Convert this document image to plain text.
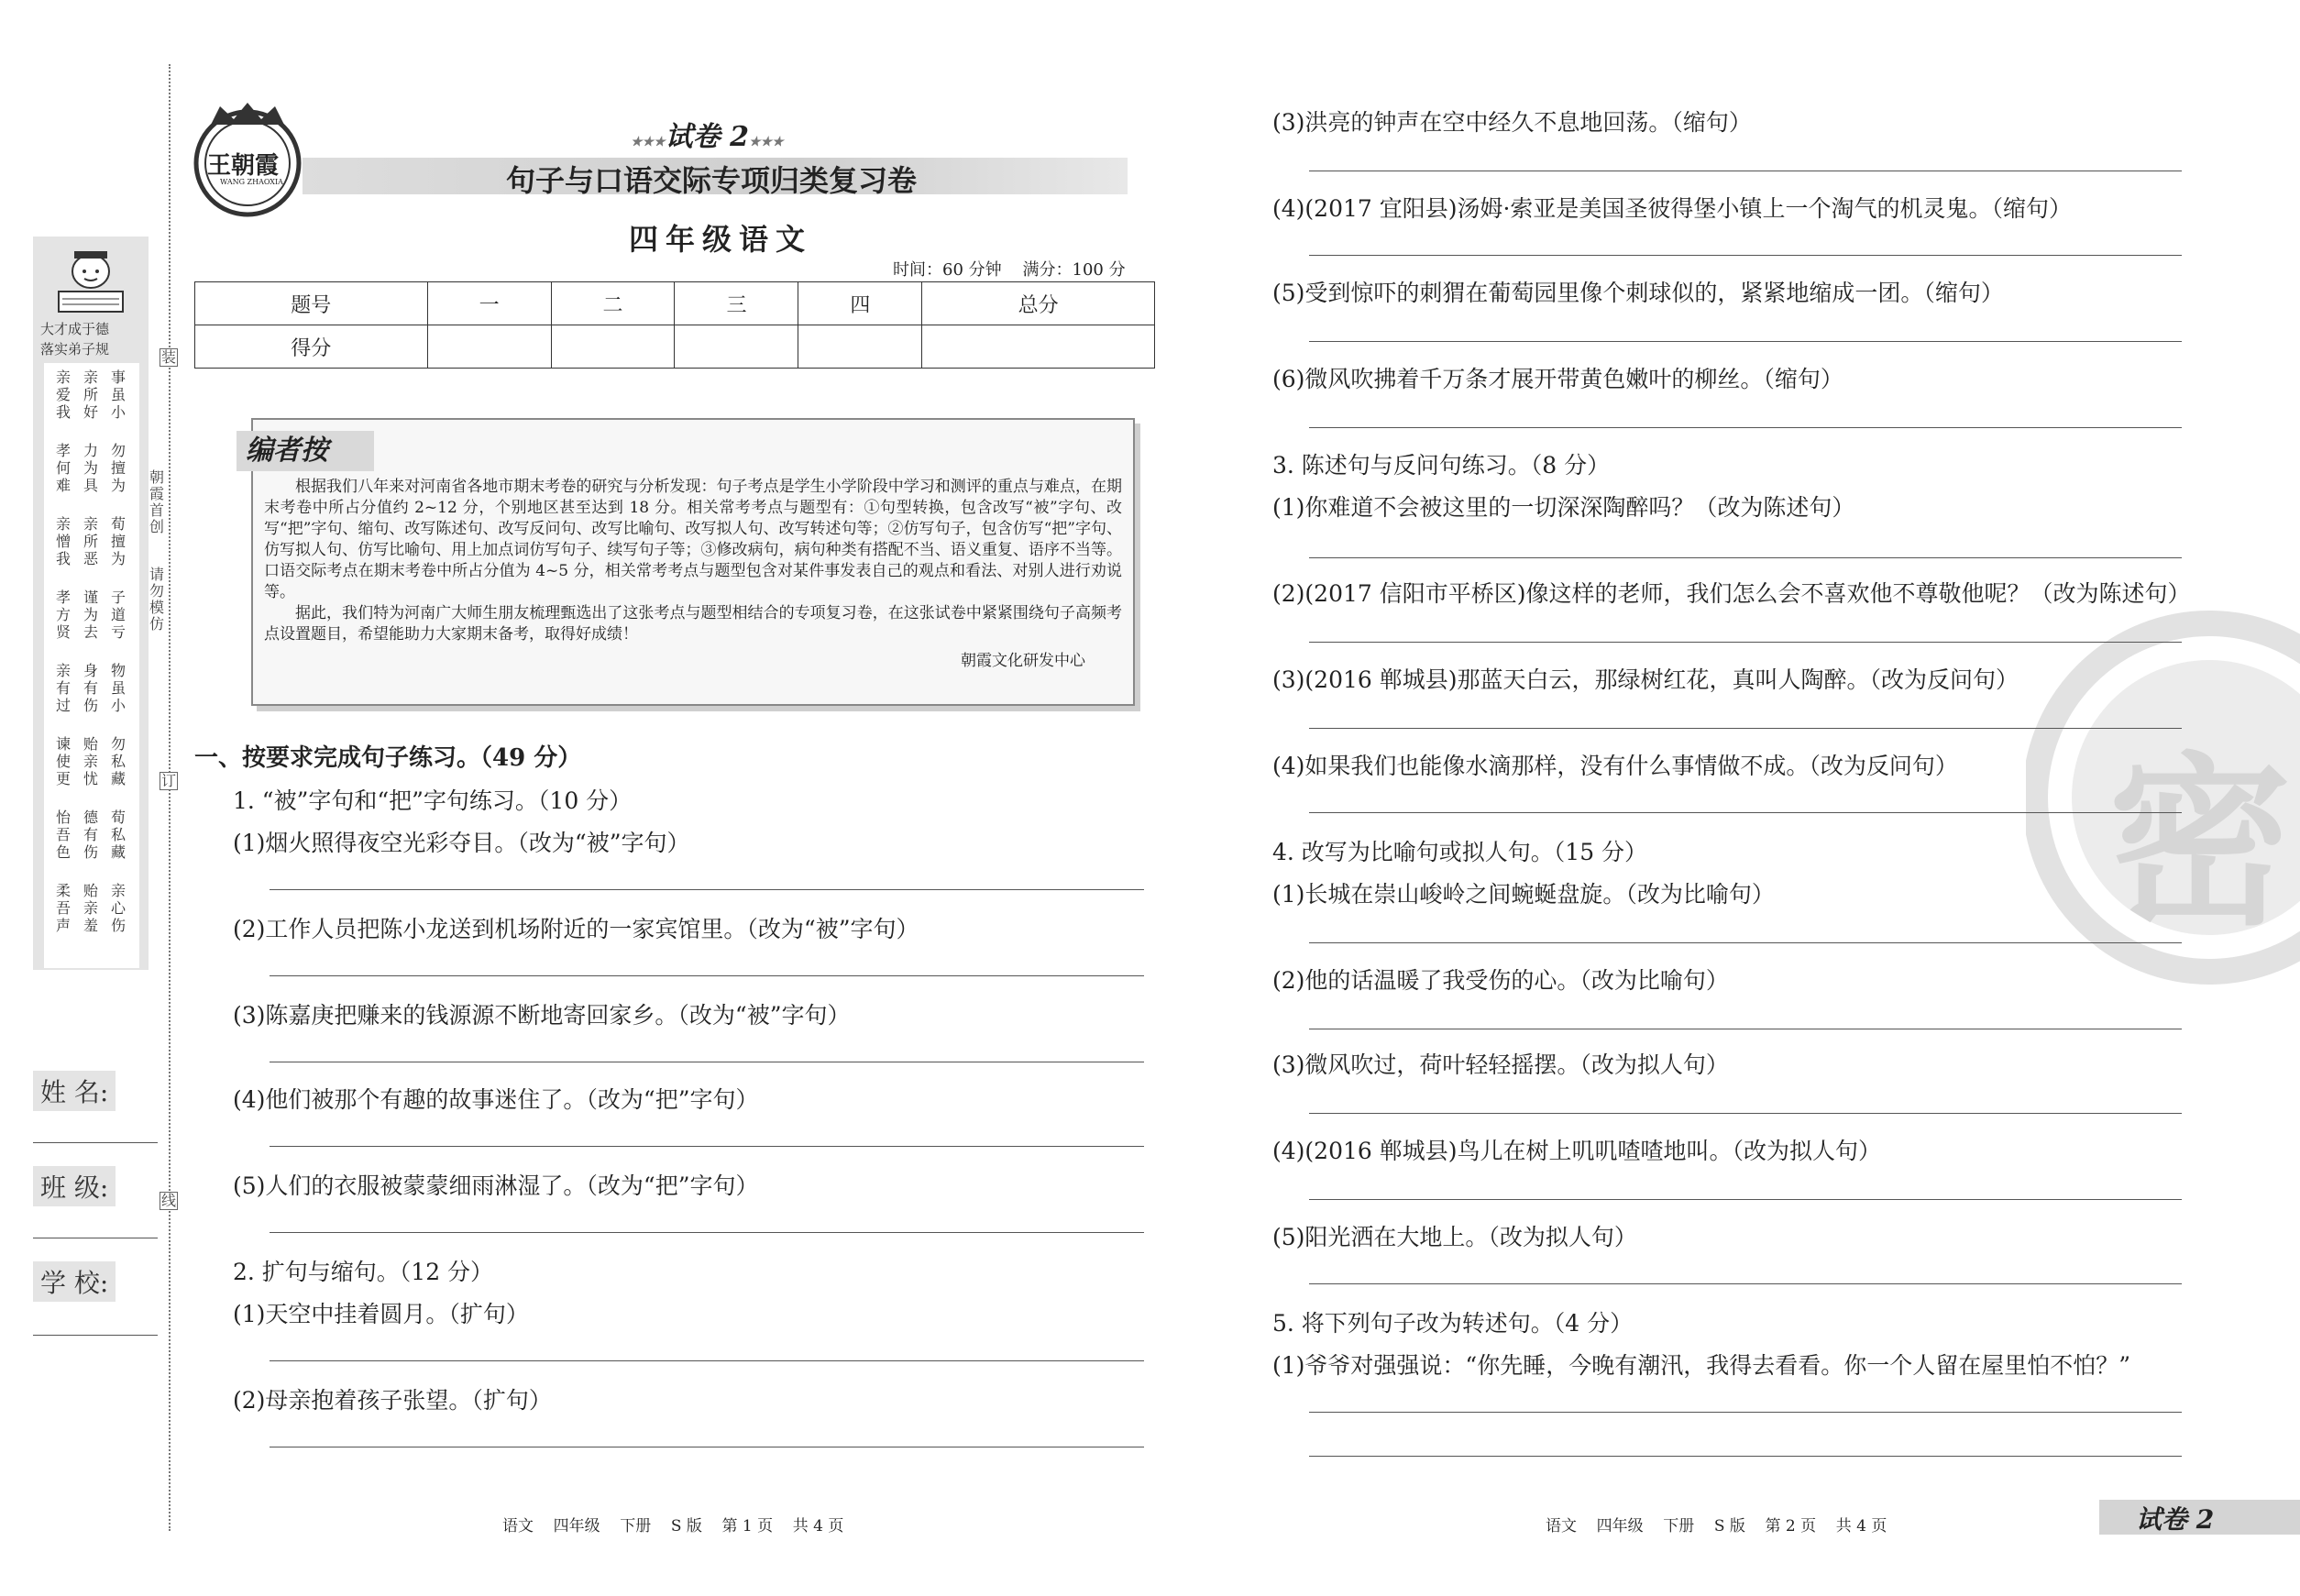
大才成于德
落实弟子规
亲爱我
亲所好
事虽小
孝何难
力为具
勿擅为
亲憎我
亲所恶
荀擅为
孝方贤
谨为去
子道亏
亲有过
身有伤
物虽小
谏使更
贻亲忧
勿私藏
怡吾色
德有伤
荀私藏
柔吾声
贻亲羞
亲心伤
朝霞首创
请勿模仿
装
订
线
姓 名:
班 级:
学 校:
王朝霞
WANG ZHAOXIA
★★★试卷 2★★★
句子与口语交际专项归类复习卷
四年级语文
时间：60 分钟    满分：100 分
题号	一	二	三	四	总分
得分					
编者按
根据我们八年来对河南省各地市期末考卷的研究与分析发现：句子考点是学生小学阶段中学习和测评的重点与难点，在期末考卷中所占分值约 2~12 分，个别地区甚至达到 18 分。相关常考考点与题型有：①句型转换，包含改写“被”字句、改写“把”字句、缩句、改写陈述句、改写反问句、改写比喻句、改写拟人句、改写转述句等；②仿写句子，包含仿写“把”字句、仿写拟人句、仿写比喻句、用上加点词仿写句子、续写句子等；③修改病句，病句种类有搭配不当、语义重复、语序不当等。口语交际考点在期末考卷中所占分值为 4~5 分，相关常考考点与题型包含对某件事发表自己的观点和看法、对别人进行劝说等。
据此，我们特为河南广大师生朋友梳理甄选出了这张考点与题型相结合的专项复习卷，在这张试卷中紧紧围绕句子高频考点设置题目，希望能助力大家期末备考，取得好成绩！
朝霞文化研发中心
一、按要求完成句子练习。（49 分）
1. “被”字句和“把”字句练习。（10 分）
(1)烟火照得夜空光彩夺目。（改为“被”字句）
(2)工作人员把陈小龙送到机场附近的一家宾馆里。（改为“被”字句）
(3)陈嘉庚把赚来的钱源源不断地寄回家乡。（改为“被”字句）
(4)他们被那个有趣的故事迷住了。（改为“把”字句）
(5)人们的衣服被蒙蒙细雨淋湿了。（改为“把”字句）
2. 扩句与缩句。（12 分）
(1)天空中挂着圆月。（扩句）
(2)母亲抱着孩子张望。（扩句）
语文    四年级    下册    S 版    第 1 页    共 4 页
密
(3)洪亮的钟声在空中经久不息地回荡。（缩句）
(4)(2017 宜阳县)汤姆·索亚是美国圣彼得堡小镇上一个淘气的机灵鬼。（缩句）
(5)受到惊吓的刺猬在葡萄园里像个刺球似的，紧紧地缩成一团。（缩句）
(6)微风吹拂着千万条才展开带黄色嫩叶的柳丝。（缩句）
3. 陈述句与反问句练习。（8 分）
(1)你难道不会被这里的一切深深陶醉吗？（改为陈述句）
(2)(2017 信阳市平桥区)像这样的老师，我们怎么会不喜欢他不尊敬他呢？（改为陈述句）
(3)(2016 郸城县)那蓝天白云，那绿树红花，真叫人陶醉。（改为反问句）
(4)如果我们也能像水滴那样，没有什么事情做不成。（改为反问句）
4. 改写为比喻句或拟人句。（15 分）
(1)长城在崇山峻岭之间蜿蜒盘旋。（改为比喻句）
(2)他的话温暖了我受伤的心。（改为比喻句）
(3)微风吹过，荷叶轻轻摇摆。（改为拟人句）
(4)(2016 郸城县)鸟儿在树上叽叽喳喳地叫。（改为拟人句）
(5)阳光洒在大地上。（改为拟人句）
5. 将下列句子改为转述句。（4 分）
(1)爷爷对强强说：“你先睡，今晚有潮汛，我得去看看。你一个人留在屋里怕不怕？”
语文    四年级    下册    S 版    第 2 页    共 4 页	试卷 2
